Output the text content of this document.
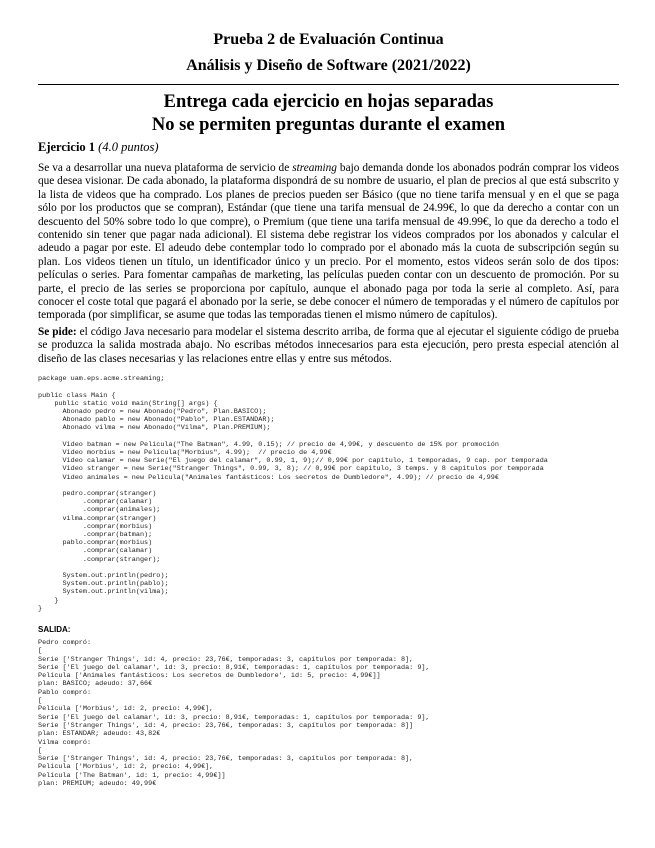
Prueba 2 de Evaluación Continua

Análisis y Diseño de Software (2021/2022)

Entrega cada ejercicio en hojas separadas

No se permiten preguntas durante el examen

Ejercicio 1 (4.0 puntos)

Se va a desarrollar una nueva plataforma de servicio de streaming bajo demanda donde los abonados podrán comprar los videos que desea visionar. De cada abonado, la plataforma dispondrá de su nombre de usuario, el plan de precios al que está subscrito y la lista de videos que ha comprado. Los planes de precios pueden ser Básico (que no tiene tarifa mensual y en el que se paga sólo por los productos que se compran), Estándar (que tiene una tarifa mensual de 24.99€, lo que da derecho a contar con un descuento del 50% sobre todo lo que compre), o Premium (que tiene una tarifa mensual de 49.99€, lo que da derecho a todo el contenido sin tener que pagar nada adicional). El sistema debe registrar los videos comprados por los abonados y calcular el adeudo a pagar por este. El adeudo debe contemplar todo lo comprado por el abonado más la cuota de subscripción según su plan. Los videos tienen un título, un identificador único y un precio. Por el momento, estos videos serán solo de dos tipos: películas o series. Para fomentar campañas de marketing, las películas pueden contar con un descuento de promoción. Por su parte, el precio de las series se proporciona por capítulo, aunque el abonado paga por toda la serie al completo. Así, para conocer el coste total que pagará el abonado por la serie, se debe conocer el número de temporadas y el número de capítulos por temporada (por simplificar, se asume que todas las temporadas tienen el mismo número de capítulos).

Se pide: el código Java necesario para modelar el sistema descrito arriba, de forma que al ejecutar el siguiente código de prueba se produzca la salida mostrada abajo. No escribas métodos innecesarios para esta ejecución, pero presta especial atención al diseño de las clases necesarias y las relaciones entre ellas y entre sus métodos.

package uam.eps.acme.streaming;

public class Main {
public static void main(String[] args) {
Abonado pedro = new Abonado("Pedro", Plan.BASICO);
Abonado pablo = new Abonado("Pablo", Plan.ESTANDAR);
Abonado vilma = new Abonado("Vilma", Plan.PREMIUM);

Video batman = new Pelicula("The Batman", 4.99, 0.15); // precio de 4,99€, y descuento de 15% por promoción
Video morbius = new Pelicula("Morbius", 4.99);  // precio de 4,99€
Video calamar = new Serie("El juego del calamar", 0.99, 1, 9);// 0,99€ por capitulo, 1 temporadas, 9 cap. por temporada
Video stranger = new Serie("Stranger Things", 0.99, 3, 8); // 0,99€ por capitulo, 3 temps. y 8 capitulos por temporada
Video animales = new Pelicula("Animales fantásticos: Los secretos de Dumbledore", 4.99); // precio de 4,99€

pedro.comprar(stranger)
.comprar(calamar)
.comprar(animales);
vilma.comprar(stranger)
.comprar(morbius)
.comprar(batman);
pablo.comprar(morbius)
.comprar(calamar)
.comprar(stranger);

System.out.println(pedro);
System.out.println(pablo);
System.out.println(vilma);
}
}

SALIDA:

Pedro compró:
[
Serie ['Stranger Things', id: 4, precio: 23,76€, temporadas: 3, capítulos por temporada: 8],
Serie ['El juego del calamar', id: 3, precio: 8,91€, temporadas: 1, capítulos por temporada: 9],
Película ['Animales fantásticos: Los secretos de Dumbledore', id: 5, precio: 4,99€]]
plan: BASICO; adeudo: 37,66€
Pablo compró:
[
Película ['Morbius', id: 2, precio: 4,99€],
Serie ['El juego del calamar', id: 3, precio: 8,91€, temporadas: 1, capítulos por temporada: 9],
Serie ['Stranger Things', id: 4, precio: 23,76€, temporadas: 3, capítulos por temporada: 8]]
plan: ESTANDAR; adeudo: 43,82€
Vilma compró:
[
Serie ['Stranger Things', id: 4, precio: 23,76€, temporadas: 3, capítulos por temporada: 8],
Película ['Morbius', id: 2, precio: 4,99€],
Película ['The Batman', id: 1, precio: 4,99€]]
plan: PREMIUM; adeudo: 49,99€
